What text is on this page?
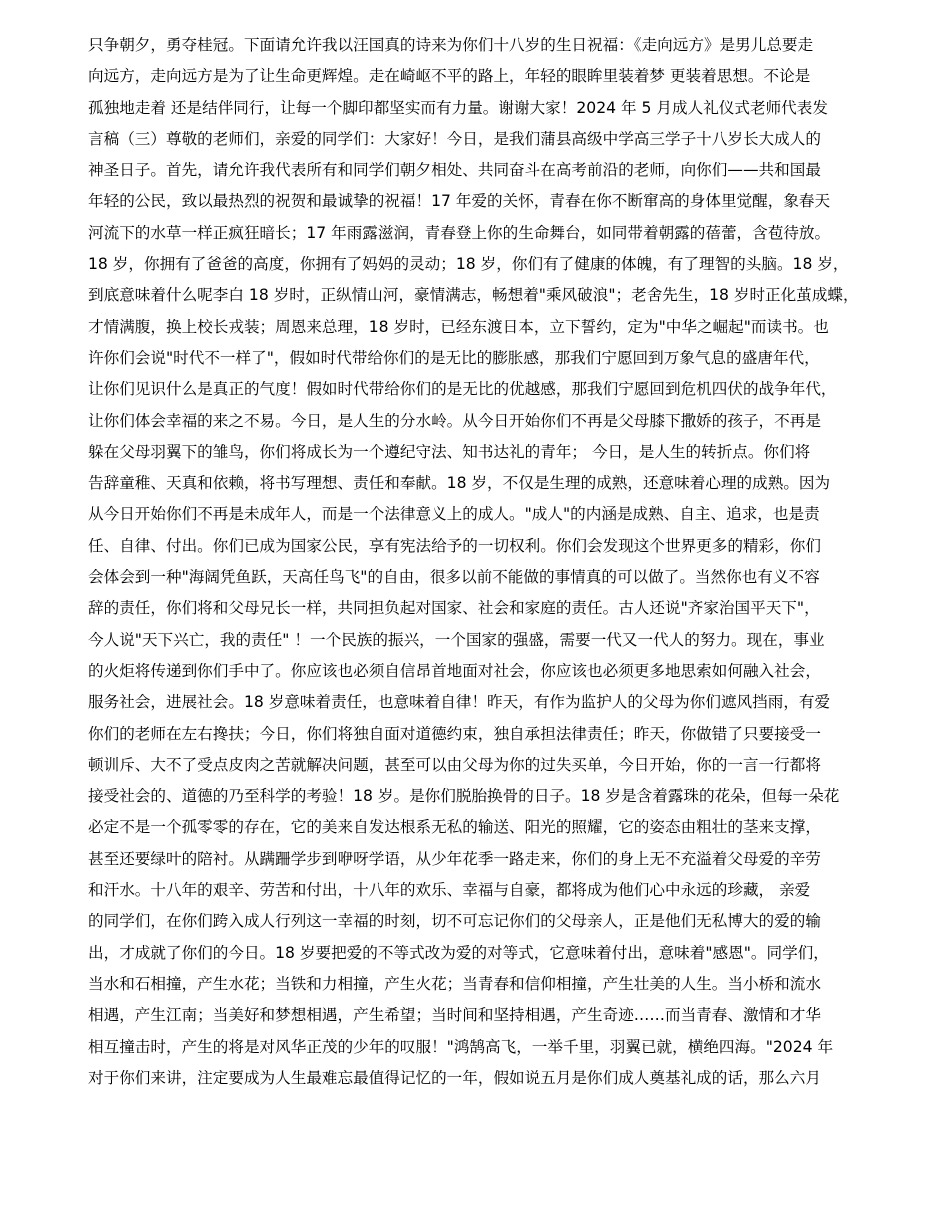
只争朝夕，勇夺桂冠。下面请允许我以汪国真的诗来为你们十八岁的生日祝福：《走向远方》是男儿总要走
向远方，走向远方是为了让生命更辉煌。走在崎岖不平的路上，年轻的眼眸里装着梦 更装着思想。不论是
孤独地走着 还是结伴同行，让每一个脚印都坚实而有力量。谢谢大家！2024 年 5 月成人礼仪式老师代表发
言稿（三）尊敬的老师们，亲爱的同学们：大家好！今日，是我们蒲县高级中学高三学子十八岁长大成人的
神圣日子。首先，请允许我代表所有和同学们朝夕相处、共同奋斗在高考前沿的老师，向你们——共和国最
年轻的公民，致以最热烈的祝贺和最诚挚的祝福！17 年爱的关怀，青春在你不断窜高的身体里觉醒，象春天
河流下的水草一样正疯狂暗长；17 年雨露滋润，青春登上你的生命舞台，如同带着朝露的蓓蕾，含苞待放。
18 岁，你拥有了爸爸的高度，你拥有了妈妈的灵动；18 岁，你们有了健康的体魄，有了理智的头脑。18 岁，
到底意味着什么呢李白 18 岁时，正纵情山河，豪情满志，畅想着"乘风破浪"；老舍先生，18 岁时正化茧成蝶，
才情满腹，换上校长戎装；周恩来总理，18 岁时，已经东渡日本，立下誓约，定为"中华之崛起"而读书。也
许你们会说"时代不一样了"，假如时代带给你们的是无比的膨胀感，那我们宁愿回到万象气息的盛唐年代，
让你们见识什么是真正的气度！假如时代带给你们的是无比的优越感，那我们宁愿回到危机四伏的战争年代，
让你们体会幸福的来之不易。今日，是人生的分水岭。从今日开始你们不再是父母膝下撒娇的孩子，不再是
躲在父母羽翼下的雏鸟，你们将成长为一个遵纪守法、知书达礼的青年； 今日，是人生的转折点。你们将
告辞童稚、天真和依赖，将书写理想、责任和奉献。18 岁，不仅是生理的成熟，还意味着心理的成熟。因为
从今日开始你们不再是未成年人，而是一个法律意义上的成人。"成人"的内涵是成熟、自主、追求，也是责
任、自律、付出。你们已成为国家公民，享有宪法给予的一切权利。你们会发现这个世界更多的精彩，你们
会体会到一种"海阔凭鱼跃，天高任鸟飞"的自由，很多以前不能做的事情真的可以做了。当然你也有义不容
辞的责任，你们将和父母兄长一样，共同担负起对国家、社会和家庭的责任。古人还说"齐家治国平天下"，
今人说"天下兴亡，我的责任" ！一个民族的振兴，一个国家的强盛，需要一代又一代人的努力。现在，事业
的火炬将传递到你们手中了。你应该也必须自信昂首地面对社会，你应该也必须更多地思索如何融入社会，
服务社会，进展社会。18 岁意味着责任，也意味着自律！昨天，有作为监护人的父母为你们遮风挡雨，有爱
你们的老师在左右搀扶；今日，你们将独自面对道德约束，独自承担法律责任；昨天，你做错了只要接受一
顿训斥、大不了受点皮肉之苦就解决问题，甚至可以由父母为你的过失买单，今日开始，你的一言一行都将
接受社会的、道德的乃至科学的考验！18 岁。是你们脱胎换骨的日子。18 岁是含着露珠的花朵，但每一朵花
必定不是一个孤零零的存在，它的美来自发达根系无私的输送、阳光的照耀，它的姿态由粗壮的茎来支撑，
甚至还要绿叶的陪衬。从蹒跚学步到咿呀学语，从少年花季一路走来，你们的身上无不充溢着父母爱的辛劳
和汗水。十八年的艰辛、劳苦和付出，十八年的欢乐、幸福与自豪，都将成为他们心中永远的珍藏， 亲爱
的同学们，在你们跨入成人行列这一幸福的时刻，切不可忘记你们的父母亲人，正是他们无私博大的爱的输
出，才成就了你们的今日。18 岁要把爱的不等式改为爱的对等式，它意味着付出，意味着"感恩"。同学们，
当水和石相撞，产生水花；当铁和力相撞，产生火花；当青春和信仰相撞，产生壮美的人生。当小桥和流水
相遇，产生江南；当美好和梦想相遇，产生希望；当时间和坚持相遇，产生奇迹……而当青春、激情和才华
相互撞击时，产生的将是对风华正茂的少年的叹服！"鸿鹄高飞，一举千里，羽翼已就，横绝四海。"2024 年
对于你们来讲，注定要成为人生最难忘最值得记忆的一年，假如说五月是你们成人奠基礼成的话，那么六月
